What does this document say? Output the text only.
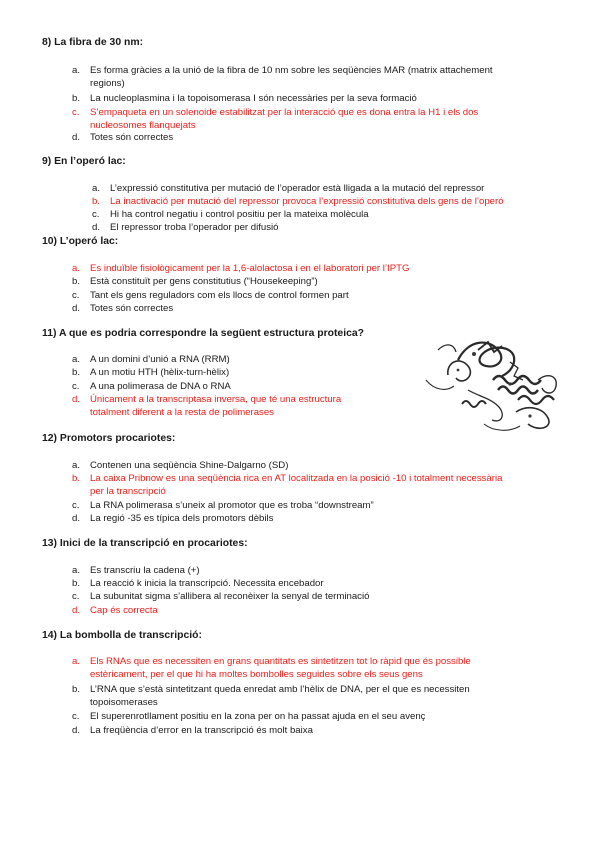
8) La fibra de 30 nm:
a. Es forma gràcies a la unió de la fibra de 10 nm sobre les seqüències MAR (matrix attachement
regions)
b. La nucleoplasmina i la topoisomerasa I són necessàries per la seva formació
c. S’empaqueta en un solenoide estabilitzat per la interacció que es dona entra la H1 i els dos
nucleosomes flanquejats
d. Totes són correctes
9) En l’operó lac:
a. L’expressió constitutiva per mutació de l’operador està lligada a la mutació del repressor
b. La inactivació per mutació del repressor provoca l’expressió constitutiva dels gens de l’operó
c. Hi ha control negatiu i control positiu per la mateixa molècula
d. El repressor troba l’operador per difusió
10) L’operó lac:
a. Es induïble fisiològicament per la 1,6-alolactosa i en el laboratori per l’IPTG
b. Està constituït per gens constitutius (“Housekeeping”)
c. Tant els gens reguladors com els llocs de control formen part
d. Totes són correctes
11) A que es podria correspondre la següent estructura proteica?
a. A un domini d’unió a RNA (RRM)
b. A un motiu HTH (hèlix-turn-hèlix)
c. A una polimerasa de DNA o RNA
d. Únicament a la transcriptasa inversa, que té una estructura
totalment diferent a la resta de polimerases
12) Promotors procariotes:
a. Contenen una seqüència Shine-Dalgarno (SD)
b. La caixa Pribnow es una seqüència rica en AT localitzada en la posició -10 i totalment necessària
per la transcripció
c. La RNA polimerasa s’uneix al promotor que es troba “downstream”
d. La regió -35 es típica dels promotors dèbils
13) Inici de la transcripció en procariotes:
a. Es transcriu la cadena (+)
b. La reacció k inicia la transcripció. Necessita encebador
c. La subunitat sigma s’allibera al reconèixer la senyal de terminació
d. Cap és correcta
14) La bombolla de transcripció:
a. Els RNAs que es necessiten en grans quantitats es sintetitzen tot lo ràpid que és possible
estèricament, per el que hi ha moltes bombolles seguides sobre els seus gens
b. L’RNA que s’està sintetitzant queda enredat amb l’hèlix de DNA, per el que es necessiten
topoisomerases
c. El superenrotllament positiu en la zona per on ha passat ajuda en el seu avenç
d. La freqüència d’error en la transcripció és molt baixa
